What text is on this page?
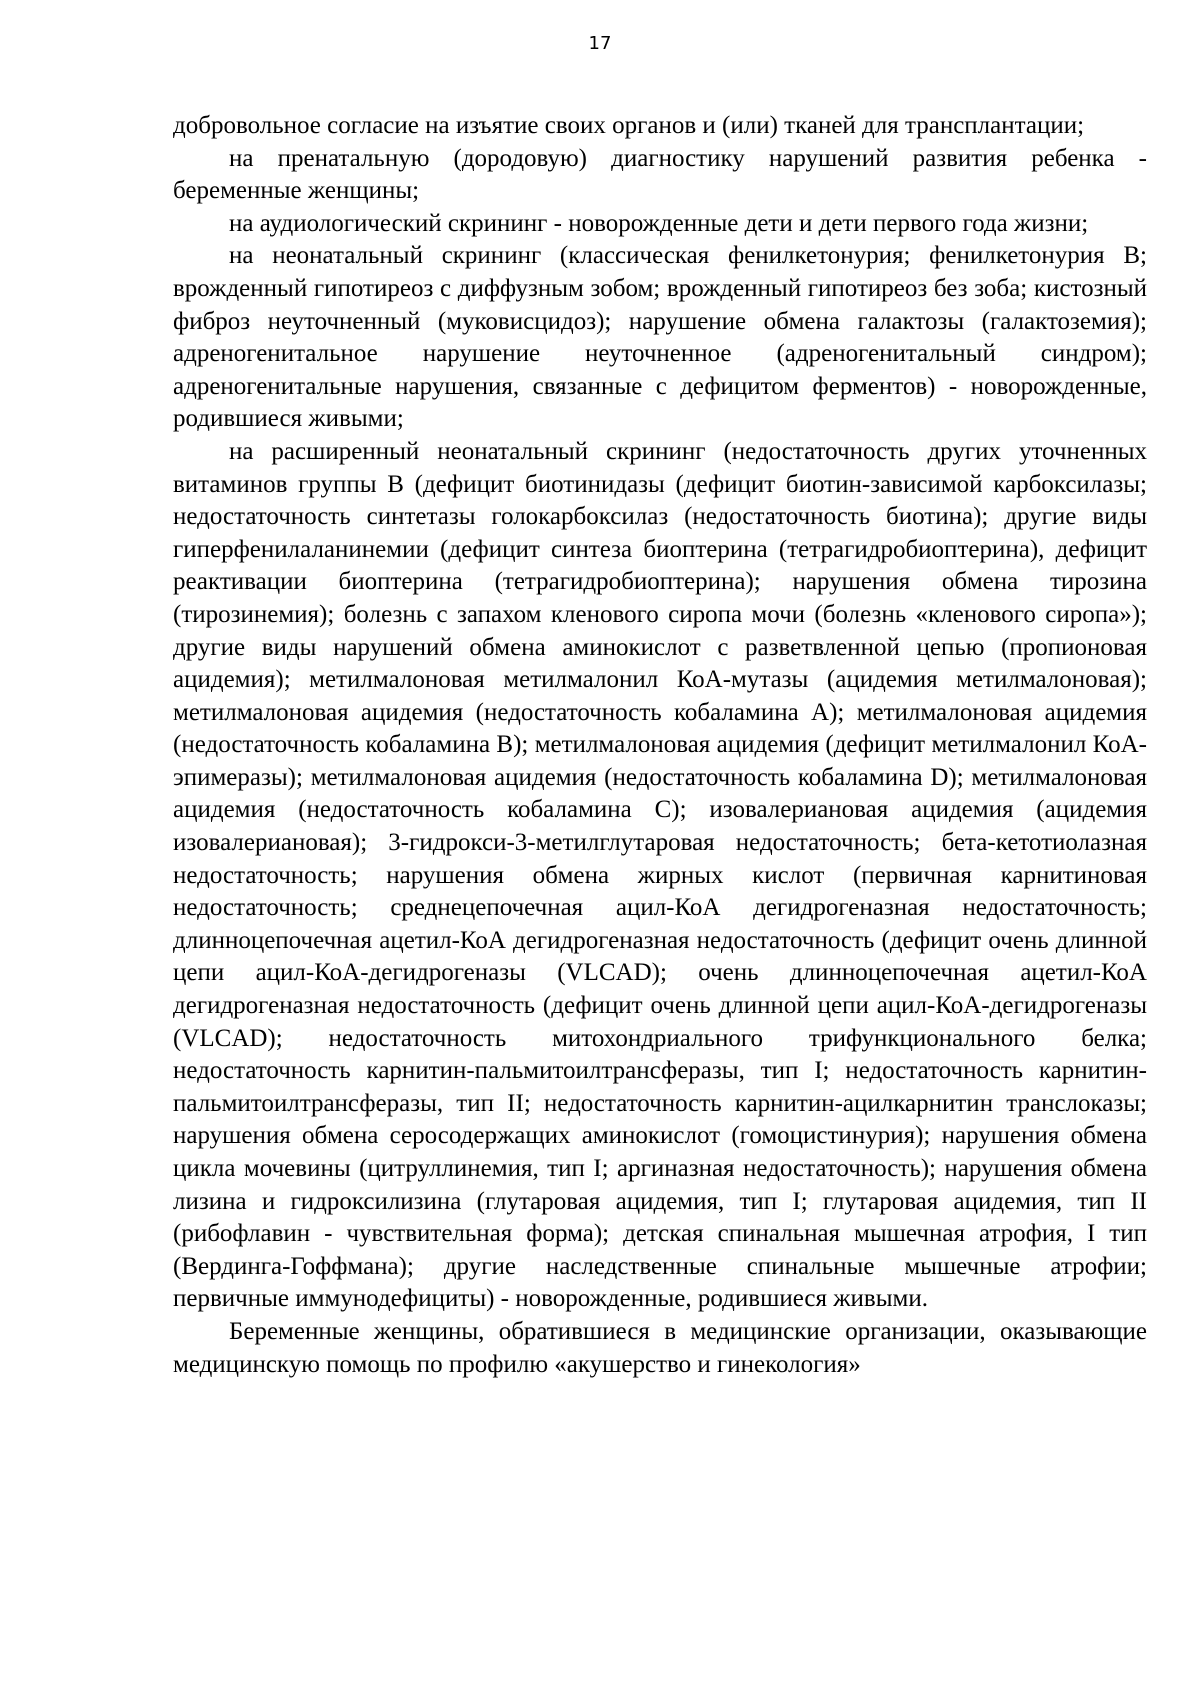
17

добровольное согласие на изъятие своих органов и (или) тканей для трансплантации;

на пренатальную (дородовую) диагностику нарушений развития ребенка - беременные женщины;

на аудиологический скрининг - новорожденные дети и дети первого года жизни;

на неонатальный скрининг (классическая фенилкетонурия; фенилкетонурия В; врожденный гипотиреоз с диффузным зобом; врожденный гипотиреоз без зоба; кистозный фиброз неуточненный (муковисцидоз); нарушение обмена галактозы (галактоземия); адреногенитальное нарушение неуточненное (адреногенитальный синдром); адреногенитальные нарушения, связанные с дефицитом ферментов) - новорожденные, родившиеся живыми;

на расширенный неонатальный скрининг (недостаточность других уточненных витаминов группы В (дефицит биотинидазы (дефицит биотин-зависимой карбоксилазы; недостаточность синтетазы голокарбоксилаз (недостаточность биотина); другие виды гиперфенилаланинемии (дефицит синтеза биоптерина (тетрагидробиоптерина), дефицит реактивации биоптерина (тетрагидробиоптерина); нарушения обмена тирозина (тирозинемия); болезнь с запахом кленового сиропа мочи (болезнь «кленового сиропа»); другие виды нарушений обмена аминокислот с разветвленной цепью (пропионовая ацидемия); метилмалоновая метилмалонил КоА-мутазы (ацидемия метилмалоновая); метилмалоновая ацидемия (недостаточность кобаламина А); метилмалоновая ацидемия (недостаточность кобаламина В); метилмалоновая ацидемия (дефицит метилмалонил КоА-эпимеразы); метилмалоновая ацидемия (недостаточность кобаламина D); метилмалоновая ацидемия (недостаточность кобаламина С); изовалериановая ацидемия (ацидемия изовалериановая); 3-гидрокси-3-метилглутаровая недостаточность; бета-кетотиолазная недостаточность; нарушения обмена жирных кислот (первичная карнитиновая недостаточность; среднецепочечная ацил-КоА дегидрогеназная недостаточность; длинноцепочечная ацетил-КоА дегидрогеназная недостаточность (дефицит очень длинной цепи ацил-КоА-дегидрогеназы (VLCAD); очень длинноцепочечная ацетил-КоА дегидрогеназная недостаточность (дефицит очень длинной цепи ацил-КоА-дегидрогеназы (VLCAD); недостаточность митохондриального трифункционального белка; недостаточность карнитин-пальмитоилтрансферазы, тип I; недостаточность карнитин-пальмитоилтрансферазы, тип II; недостаточность карнитин-ацилкарнитин транслоказы; нарушения обмена серосодержащих аминокислот (гомоцистинурия); нарушения обмена цикла мочевины (цитруллинемия, тип I; аргиназная недостаточность); нарушения обмена лизина и гидроксилизина (глутаровая ацидемия, тип I; глутаровая ацидемия, тип II (рибофлавин - чувствительная форма); детская спинальная мышечная атрофия, I тип (Вердинга-Гоффмана); другие наследственные спинальные мышечные атрофии; первичные иммунодефициты) - новорожденные, родившиеся живыми.

Беременные женщины, обратившиеся в медицинские организации, оказывающие медицинскую помощь по профилю «акушерство и гинекология»
